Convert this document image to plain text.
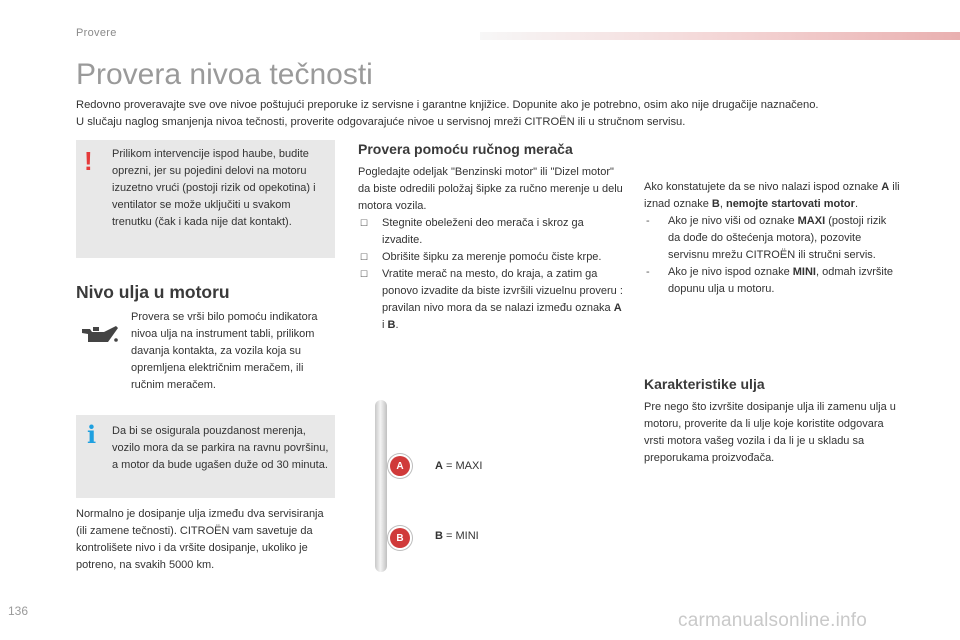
Provere
Provera nivoa tečnosti
Redovno proveravajte sve ove nivoe poštujući preporuke iz servisne i garantne knjižice. Dopunite ako je potrebno, osim ako nije drugačije naznačeno.
U slučaju naglog smanjenja nivoa tečnosti, proverite odgovarajuće nivoe u servisnoj mreži CITROËN ili u stručnom servisu.
! Prilikom intervencije ispod haube, budite oprezni, jer su pojedini delovi na motoru izuzetno vrući (postoji rizik od opekotina) i ventilator se može uključiti u svakom trenutku (čak i kada nije dat kontakt).
Nivo ulja u motoru
Provera se vrši bilo pomoću indikatora nivoa ulja na instrument tabli, prilikom davanja kontakta, za vozila koja su opremljena električnim meračem, ili ručnim meračem.
i Da bi se osigurala pouzdanost merenja, vozilo mora da se parkira na ravnu površinu, a motor da bude ugašen duže od 30 minuta.
Normalno je dosipanje ulja između dva servisiranja (ili zamene tečnosti). CITROËN vam savetuje da kontrolišete nivo i da vršite dosipanje, ukoliko je potreno, na svakih 5000 km.
Provera pomoću ručnog merača
Pogledajte odeljak "Benzinski motor" ili "Dizel motor" da biste odredili položaj šipke za ručno merenje u delu motora vozila.
☐ Stegnite obeleženi deo merača i skroz ga izvadite.
☐ Obrišite šipku za merenje pomoću čiste krpe.
☐ Vratite merač na mesto, do kraja, a zatim ga ponovo izvadite da biste izvršili vizuelnu proveru : pravilan nivo mora da se nalazi između oznaka A i B.
A
B
A = MAXI
B = MINI
Ako konstatujete da se nivo nalazi ispod oznake A ili iznad oznake B, nemojte startovati motor.
- Ako je nivo viši od oznake MAXI (postoji rizik da dođe do oštećenja motora), pozovite servisnu mrežu CITROËN ili stručni servis.
- Ako je nivo ispod oznake MINI, odmah izvršite dopunu ulja u motoru.
Karakteristike ulja
Pre nego što izvršite dosipanje ulja ili zamenu ulja u motoru, proverite da li ulje koje koristite odgovara vrsti motora vašeg vozila i da li je u skladu sa preporukama proizvođača.
136	carmanualsonline.info
